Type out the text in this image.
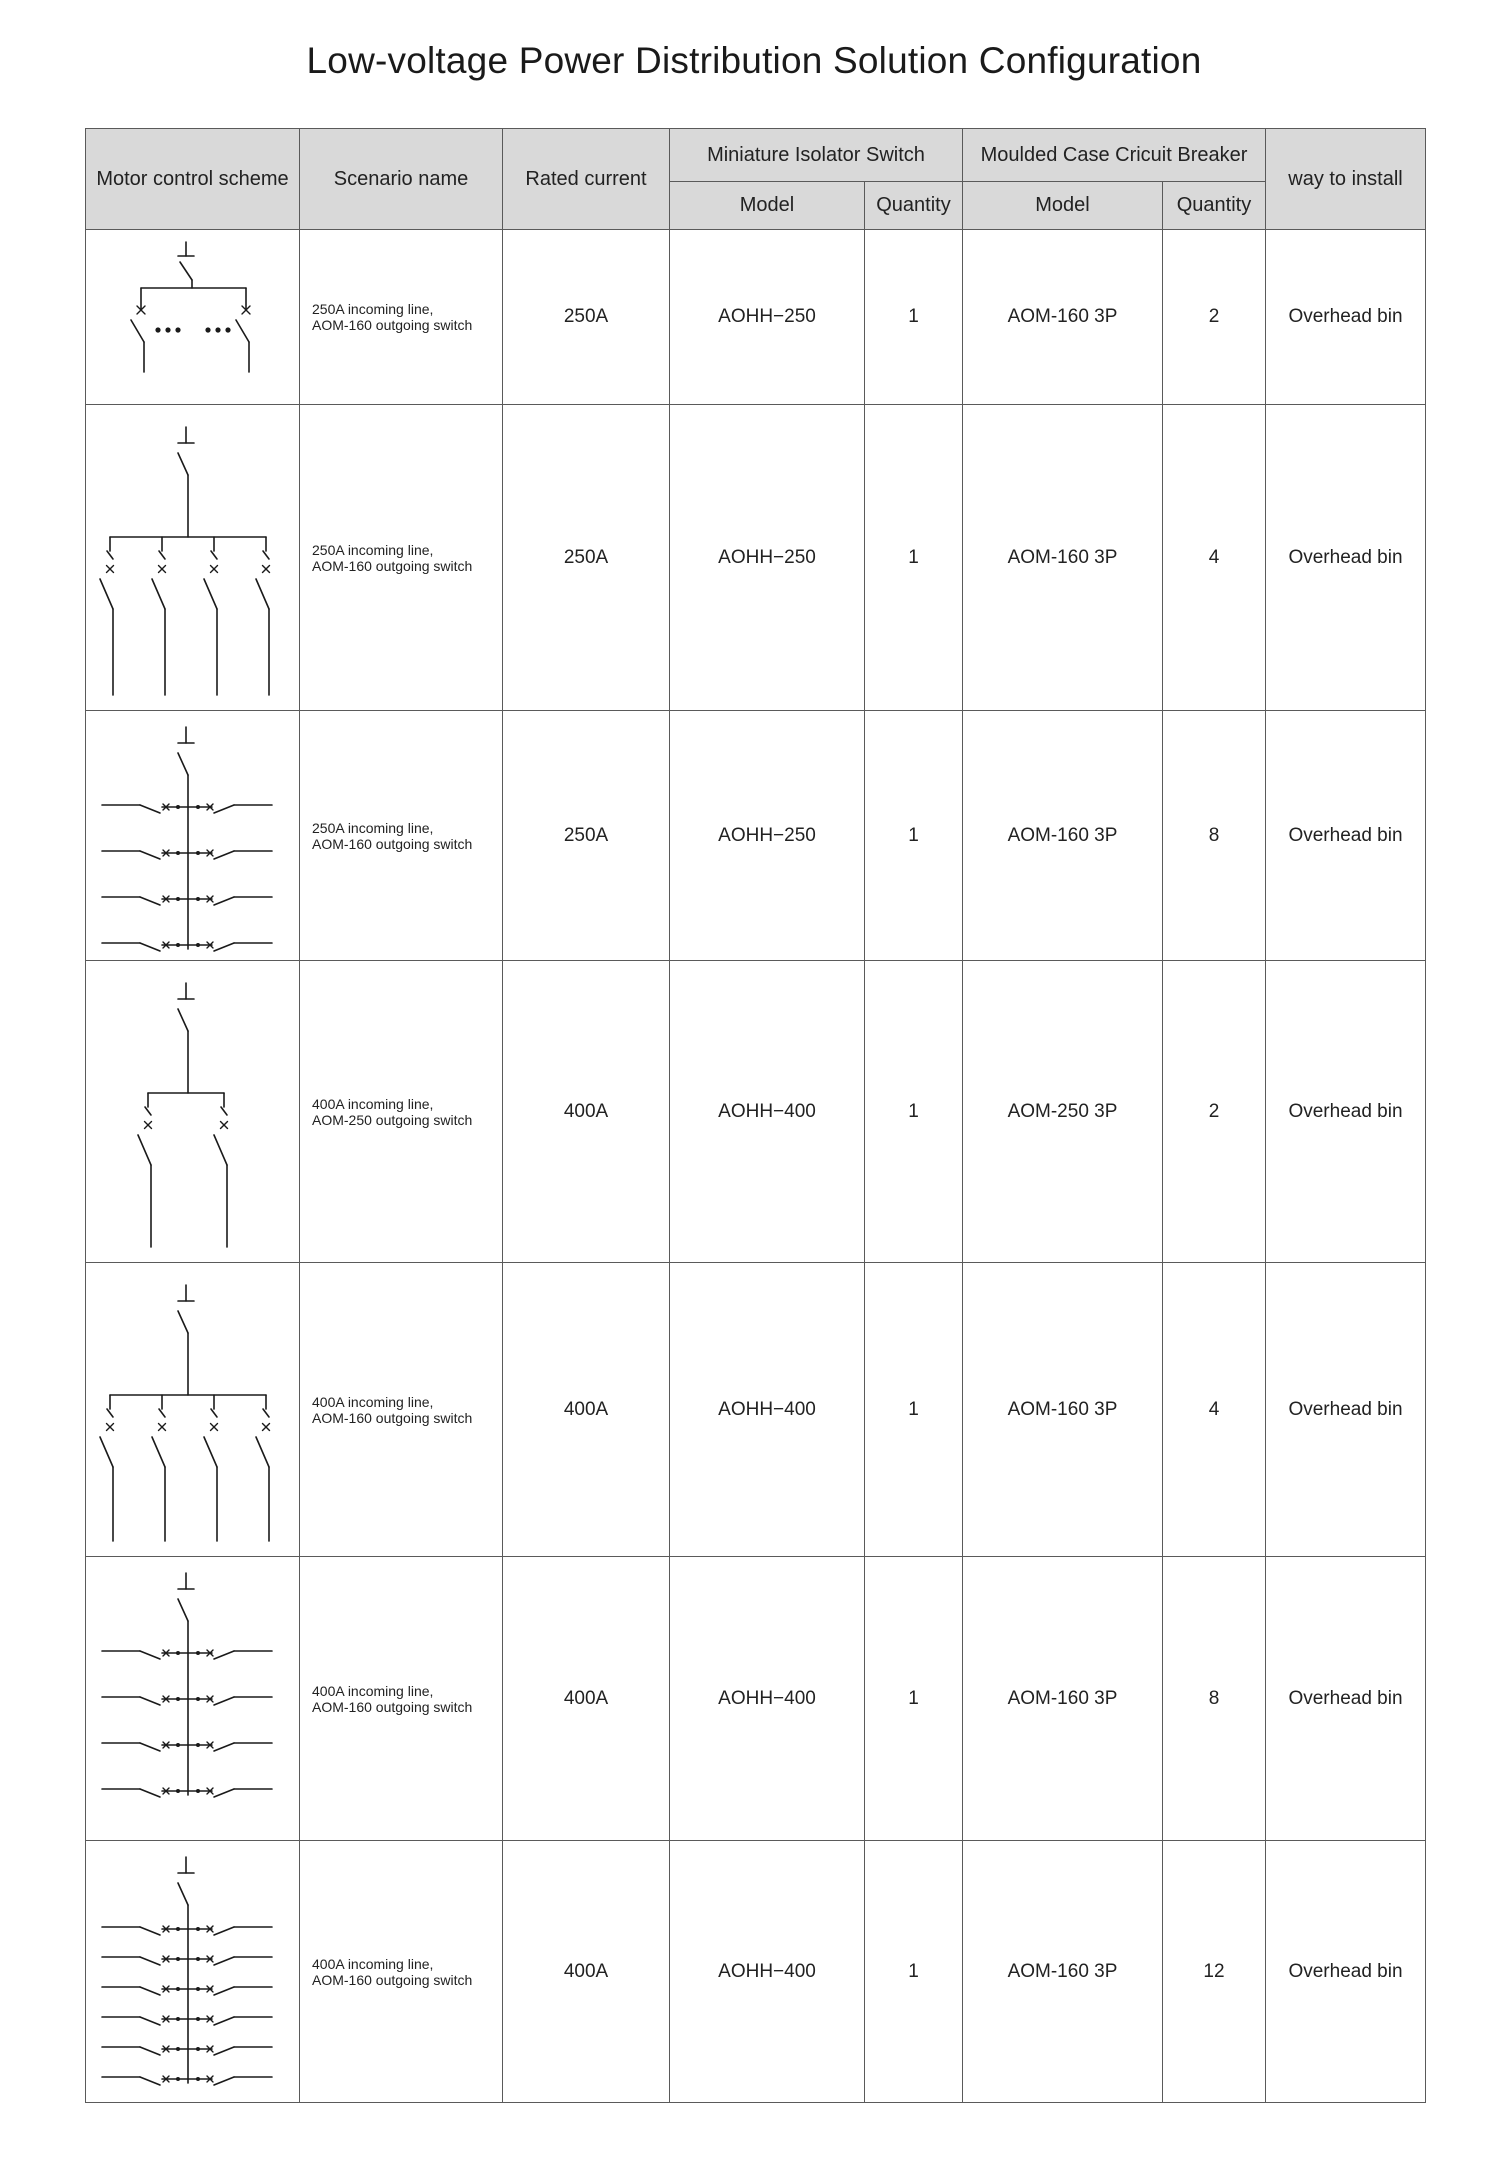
Low-voltage Power Distribution Solution Configuration
Motor control scheme	Scenario name	Rated current	Miniature Isolator Switch		Moulded Case Cricuit Breaker		way to install
			Model	Quantity	Model	Quantity	

250A incoming line,
AOM-160 outgoing switch	250A	AOHH−250	1	AOM-160 3P	2	Overhead bin

250A incoming line,
AOM-160 outgoing switch	250A	AOHH−250	1	AOM-160 3P	4	Overhead bin

250A incoming line,
AOM-160 outgoing switch	250A	AOHH−250	1	AOM-160 3P	8	Overhead bin

400A incoming line,
AOM-250 outgoing switch	400A	AOHH−400	1	AOM-250 3P	2	Overhead bin

400A incoming line,
AOM-160 outgoing switch	400A	AOHH−400	1	AOM-160 3P	4	Overhead bin

400A incoming line,
AOM-160 outgoing switch	400A	AOHH−400	1	AOM-160 3P	8	Overhead bin

400A incoming line,
AOM-160 outgoing switch	400A	AOHH−400	1	AOM-160 3P	12	Overhead bin
